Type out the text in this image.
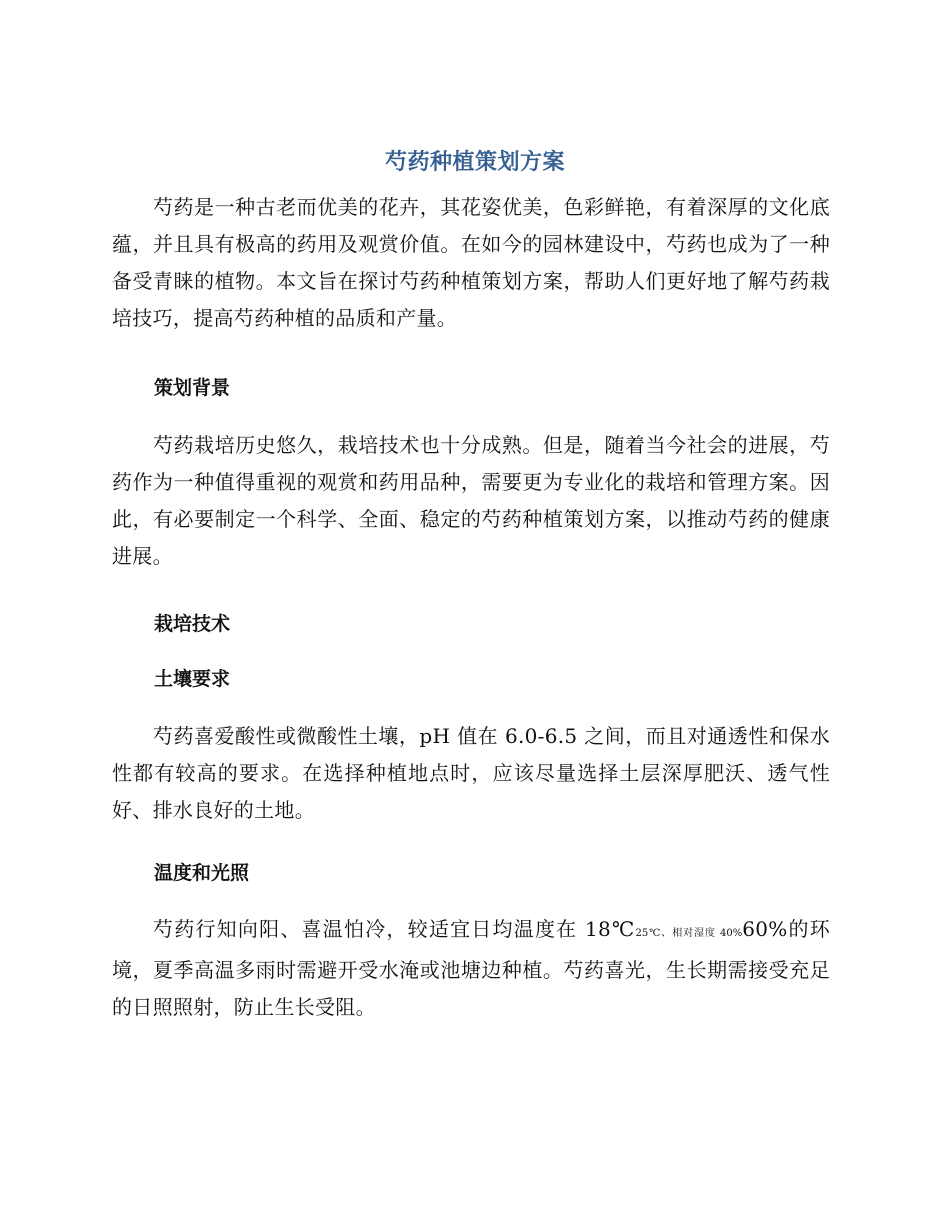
芍药种植策划方案

芍药是一种古老而优美的花卉，其花姿优美，色彩鲜艳，有着深厚的文化底蕴，并且具有极高的药用及观赏价值。在如今的园林建设中，芍药也成为了一种备受青睐的植物。本文旨在探讨芍药种植策划方案，帮助人们更好地了解芍药栽培技巧，提高芍药种植的品质和产量。

策划背景

芍药栽培历史悠久，栽培技术也十分成熟。但是，随着当今社会的进展，芍药作为一种值得重视的观赏和药用品种，需要更为专业化的栽培和管理方案。因此，有必要制定一个科学、全面、稳定的芍药种植策划方案，以推动芍药的健康进展。

栽培技术
土壤要求

芍药喜爱酸性或微酸性土壤，pH 值在 6.0-6.5 之间，而且对通透性和保水性都有较高的要求。在选择种植地点时，应该尽量选择土层深厚肥沃、透气性好、排水良好的土地。

温度和光照

芍药行知向阳、喜温怕冷，较适宜日均温度在 18℃25℃、相对湿度 40%60%的环境，夏季高温多雨时需避开受水淹或池塘边种植。芍药喜光，生长期需接受充足的日照照射，防止生长受阻。
